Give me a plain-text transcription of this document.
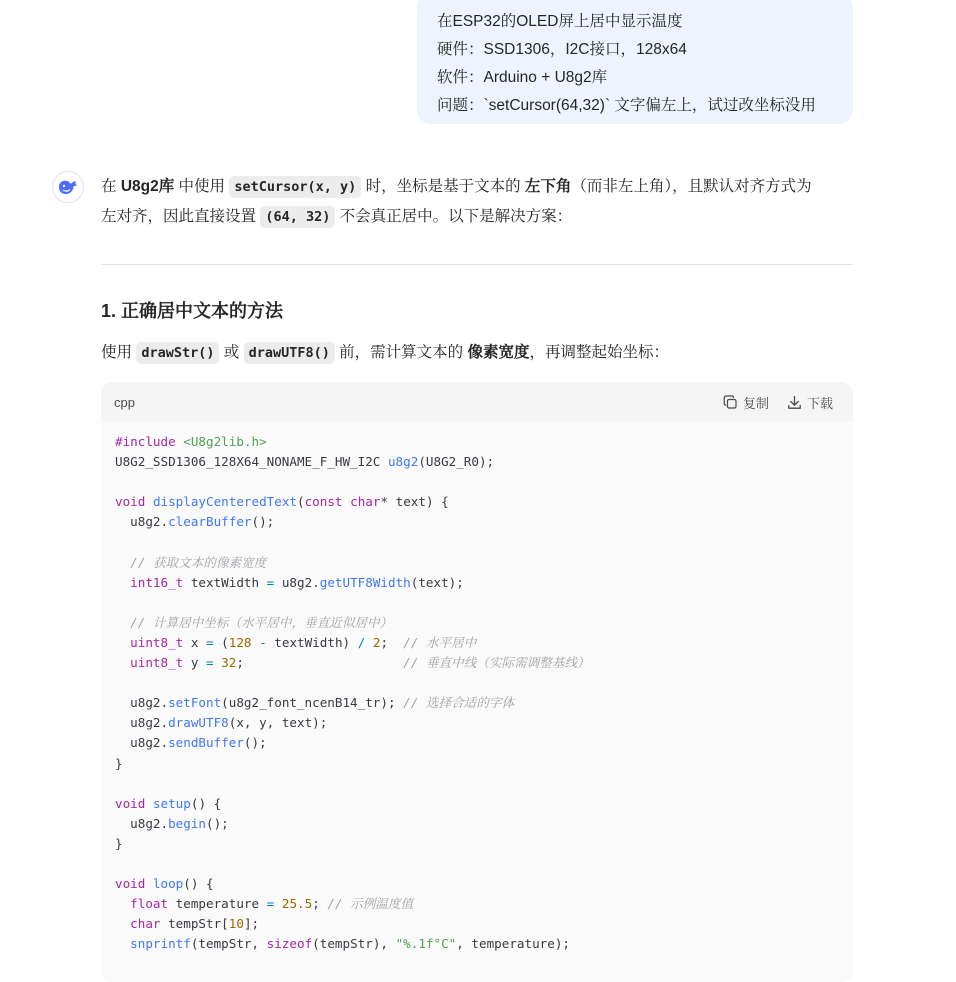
在ESP32的OLED屏上居中显示温度
硬件：SSD1306，I2C接口，128x64
软件：Arduino + U8g2库
问题：`setCursor(64,32)` 文字偏左上，试过改坐标没用
在 U8g2库 中使用 setCursor(x, y) 时，坐标是基于文本的 左下角（而非左上角），且默认对齐方式为
左对齐，因此直接设置 (64, 32) 不会真正居中。以下是解决方案：
1. 正确居中文本的方法
使用 drawStr() 或 drawUTF8() 前，需计算文本的 像素宽度，再调整起始坐标：
cpp	复制	下载
#include <U8g2lib.h>
U8G2_SSD1306_128X64_NONAME_F_HW_I2C u8g2(U8G2_R0);
void displayCenteredText(const char* text) {
u8g2.clearBuffer();
// 获取文本的像素宽度
int16_t textWidth = u8g2.getUTF8Width(text);
// 计算居中坐标（水平居中，垂直近似居中）
uint8_t x = (128 - textWidth) / 2;  // 水平居中
uint8_t y = 32;                     // 垂直中线（实际需调整基线）
u8g2.setFont(u8g2_font_ncenB14_tr); // 选择合适的字体
u8g2.drawUTF8(x, y, text);
u8g2.sendBuffer();
}
void setup() {
u8g2.begin();
}
void loop() {
float temperature = 25.5; // 示例温度值
char tempStr[10];
snprintf(tempStr, sizeof(tempStr), "%.1f°C", temperature);
